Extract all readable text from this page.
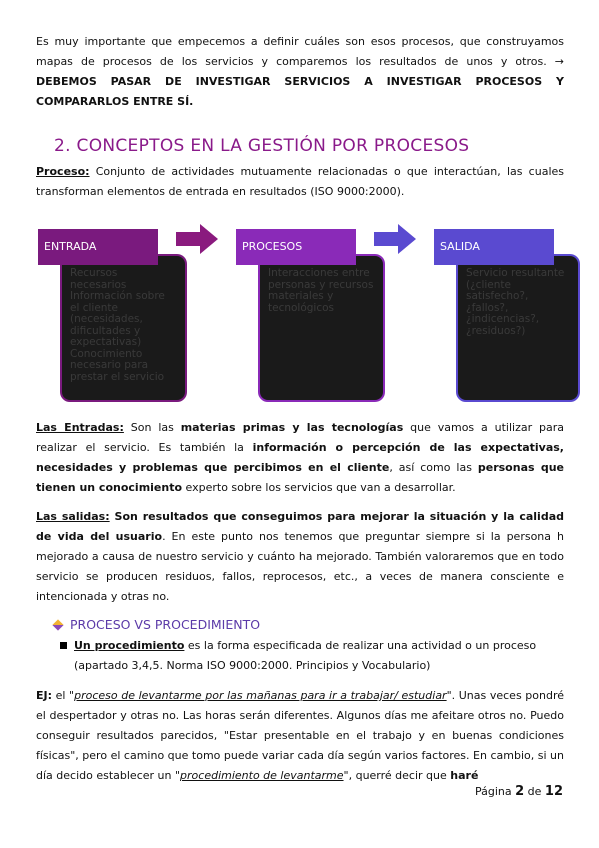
Es muy importante que empecemos a definir cuáles son esos procesos, que construyamos mapas de procesos de los servicios y comparemos los resultados de unos y otros. → DEBEMOS PASAR DE INVESTIGAR SERVICIOS A INVESTIGAR PROCESOS Y COMPARARLOS ENTRE SÍ.

2. CONCEPTOS EN LA GESTIÓN POR PROCESOS

Proceso: Conjunto de actividades mutuamente relacionadas o que interactúan, las cuales transforman elementos de entrada en resultados (ISO 9000:2000).

Recursos necesarios
Información sobre el cliente (necesidades, dificultades y expectativas)
Conocimiento necesario para prestar el servicio
ENTRADA
Interacciones entre personas y recursos materiales y tecnológicos
PROCESOS
Servicio resultante (¿cliente satisfecho?, ¿fallos?, ¿indicencias?, ¿residuos?)
SALIDA

Las Entradas: Son las materias primas y las tecnologías que vamos a utilizar para realizar el servicio. Es también la información o percepción de las expectativas, necesidades y problemas que percibimos en el cliente, así como las personas que tienen un conocimiento experto sobre los servicios que van a desarrollar.

Las salidas: Son resultados que conseguimos para mejorar la situación y la calidad de vida del usuario. En este punto nos tenemos que preguntar siempre si la persona h mejorado a causa de nuestro servicio y cuánto ha mejorado. También valoraremos que en todo servicio se producen residuos, fallos, reprocesos, etc., a veces de manera consciente e intencionada y otras no.

PROCESO VS PROCEDIMIENTO

Un procedimiento es la forma especificada de realizar una actividad o un proceso (apartado 3,4,5. Norma ISO 9000:2000. Principios y Vocabulario)

EJ: el "proceso de levantarme por las mañanas para ir a trabajar/ estudiar". Unas veces pondré el despertador y otras no. Las horas serán diferentes. Algunos días me afeitare otros no. Puedo conseguir resultados parecidos, "Estar presentable en el trabajo y en buenas condiciones físicas", pero el camino que tomo puede variar cada día según varios factores. En cambio, si un día decido establecer un "procedimiento de levantarme", querré decir que haré

Página 2 de 12
